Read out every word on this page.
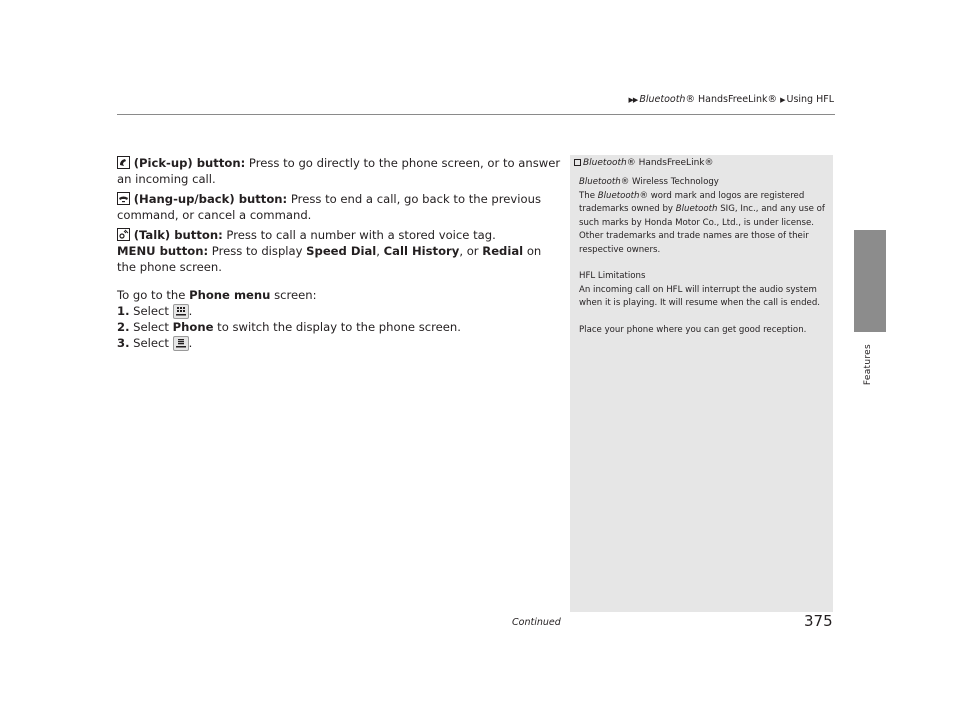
▶▶ Bluetooth® HandsFreeLink® ▶ Using HFL
Features

(Pick-up) button: Press to go directly to the phone screen, or to answer an incoming call.

(Hang-up/back) button: Press to end a call, go back to the previous command, or cancel a command.

(Talk) button: Press to call a number with a stored voice tag.

MENU button: Press to display Speed Dial, Call History, or Redial on the phone screen.

To go to the Phone menu screen:

1. Select .

2. Select Phone to switch the display to the phone screen.

3. Select .

Bluetooth® HandsFreeLink®

Bluetooth® Wireless Technology

The Bluetooth® word mark and logos are registered trademarks owned by Bluetooth SIG, Inc., and any use of such marks by Honda Motor Co., Ltd., is under license. Other trademarks and trade names are those of their respective owners.

HFL Limitations

An incoming call on HFL will interrupt the audio system when it is playing. It will resume when the call is ended.

Place your phone where you can get good reception.

Continued	375
